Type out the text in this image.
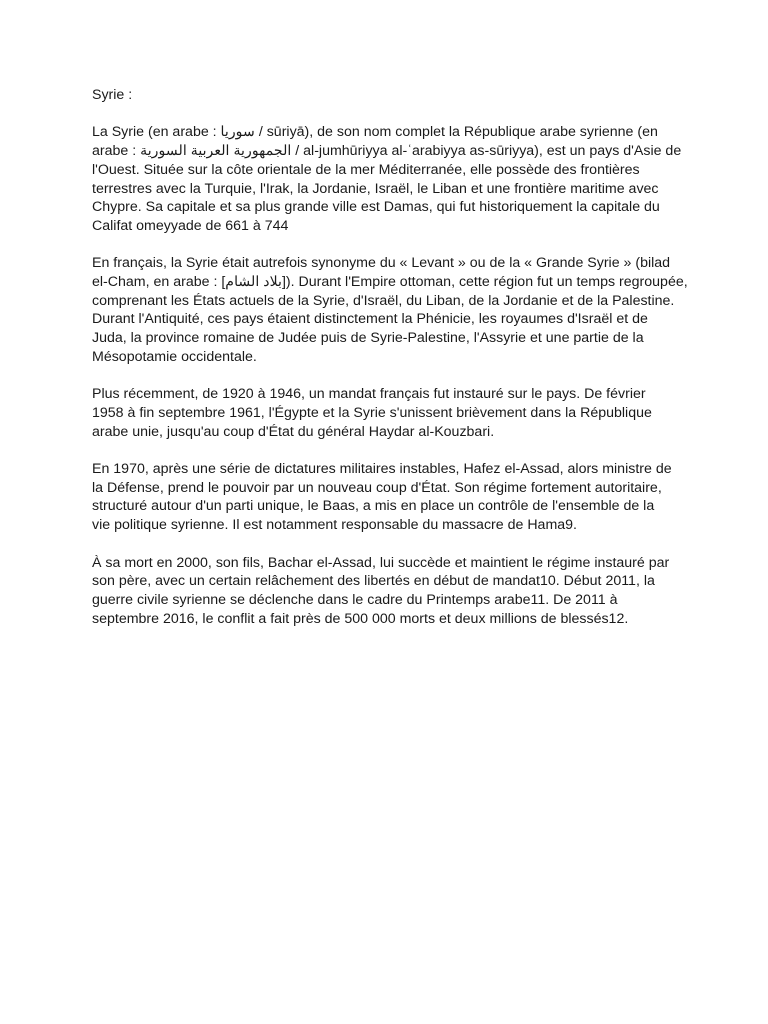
Syrie :

La Syrie (en arabe : سوريا / sūriyā), de son nom complet la République arabe syrienne (en
arabe : الجمهورية العربية السورية / al-jumhūriyya al-ʿarabiyya as-sūriyya), est un pays d'Asie de
l'Ouest. Située sur la côte orientale de la mer Méditerranée, elle possède des frontières
terrestres avec la Turquie, l'Irak, la Jordanie, Israël, le Liban et une frontière maritime avec
Chypre. Sa capitale et sa plus grande ville est Damas, qui fut historiquement la capitale du
Califat omeyyade de 661 à 744

En français, la Syrie était autrefois synonyme du « Levant » ou de la « Grande Syrie » (bilad
el-Cham, en arabe : [بلاد الشام]). Durant l'Empire ottoman, cette région fut un temps regroupée,
comprenant les États actuels de la Syrie, d'Israël, du Liban, de la Jordanie et de la Palestine.
Durant l'Antiquité, ces pays étaient distinctement la Phénicie, les royaumes d'Israël et de
Juda, la province romaine de Judée puis de Syrie-Palestine, l'Assyrie et une partie de la
Mésopotamie occidentale.

Plus récemment, de 1920 à 1946, un mandat français fut instauré sur le pays. De février
1958 à fin septembre 1961, l'Égypte et la Syrie s'unissent brièvement dans la République
arabe unie, jusqu'au coup d'État du général Haydar al-Kouzbari.

En 1970, après une série de dictatures militaires instables, Hafez el-Assad, alors ministre de
la Défense, prend le pouvoir par un nouveau coup d'État. Son régime fortement autoritaire,
structuré autour d'un parti unique, le Baas, a mis en place un contrôle de l'ensemble de la
vie politique syrienne. Il est notamment responsable du massacre de Hama9.

À sa mort en 2000, son fils, Bachar el-Assad, lui succède et maintient le régime instauré par
son père, avec un certain relâchement des libertés en début de mandat10. Début 2011, la
guerre civile syrienne se déclenche dans le cadre du Printemps arabe11. De 2011 à
septembre 2016, le conflit a fait près de 500 000 morts et deux millions de blessés12.
